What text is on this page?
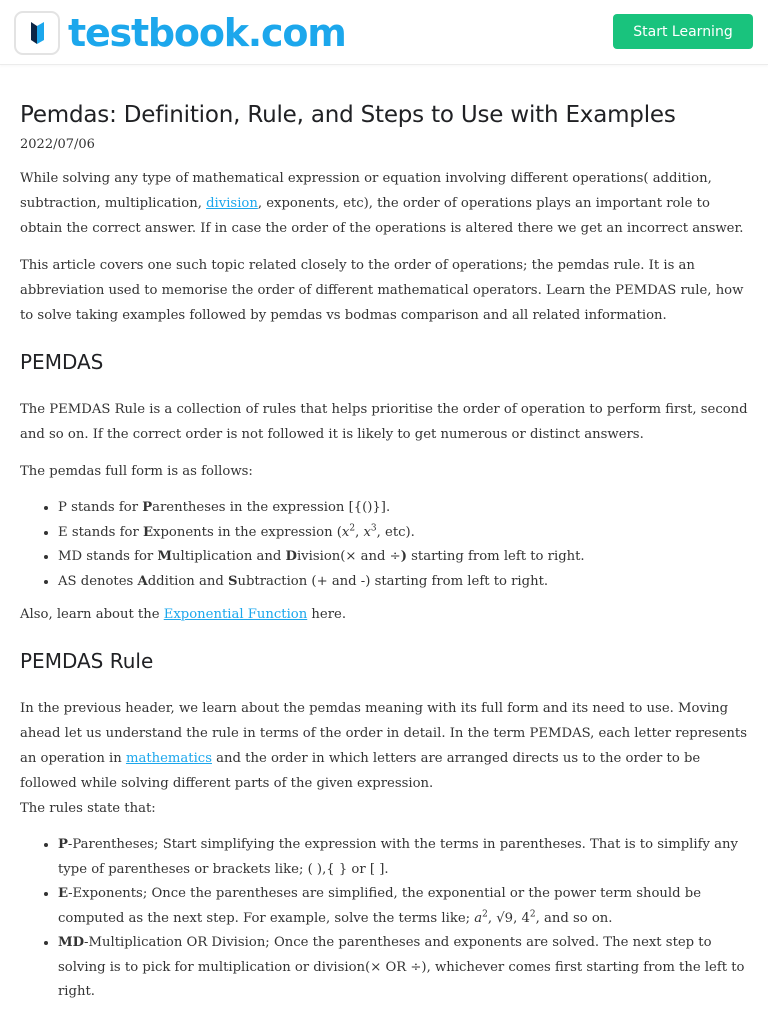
testbook.com	Start Learning
Pemdas: Definition, Rule, and Steps to Use with Examples
2022/07/06

While solving any type of mathematical expression or equation involving different operations( addition, subtraction, multiplication, division, exponents, etc), the order of operations plays an important role to obtain the correct answer. If in case the order of the operations is altered there we get an incorrect answer.

This article covers one such topic related closely to the order of operations; the pemdas rule. It is an abbreviation used to memorise the order of different mathematical operators. Learn the PEMDAS rule, how to solve taking examples followed by pemdas vs bodmas comparison and all related information.

PEMDAS

The PEMDAS Rule is a collection of rules that helps prioritise the order of operation to perform first, second and so on. If the correct order is not followed it is likely to get numerous or distinct answers.

The pemdas full form is as follows:

• P stands for Parentheses in the expression [{()}].
• E stands for Exponents in the expression ($x^2$, $x^3$, etc).
• MD stands for Multiplication and Division(× and ÷) starting from left to right.
• AS denotes Addition and Subtraction (+ and -) starting from left to right.

Also, learn about the Exponential Function here.

PEMDAS Rule

In the previous header, we learn about the pemdas meaning with its full form and its need to use. Moving ahead let us understand the rule in terms of the order in detail. In the term PEMDAS, each letter represents an operation in mathematics and the order in which letters are arranged directs us to the order to be followed while solving different parts of the given expression.

The rules state that:

• P-Parentheses; Start simplifying the expression with the terms in parentheses. That is to simplify any type of parentheses or brackets like; ( ),{ } or [ ].
• E-Exponents; Once the parentheses are simplified, the exponential or the power term should be computed as the next step. For example, solve the terms like; $a^2$, √9, $4^2$, and so on.
• MD-Multiplication OR Division; Once the parentheses and exponents are solved. The next step to solving is to pick for multiplication or division(× OR ÷), whichever comes first starting from the left to right.
